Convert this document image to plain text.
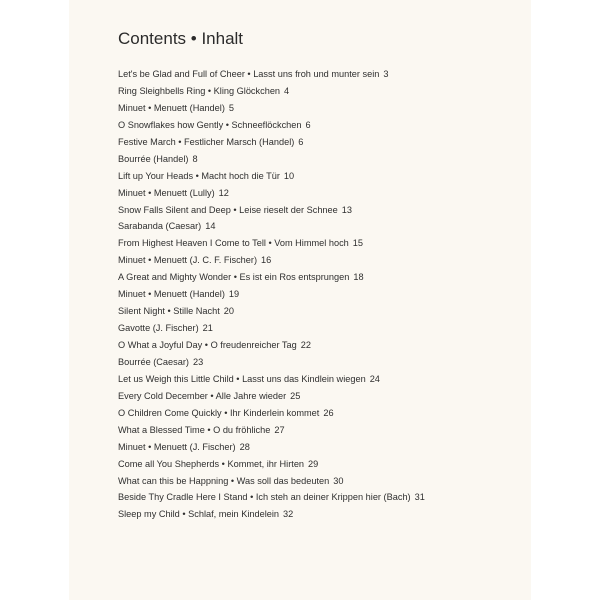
Contents • Inhalt
Let's be Glad and Full of Cheer • Lasst uns froh und munter sein 3
Ring Sleighbells Ring • Kling Glöckchen 4
Minuet • Menuett (Handel) 5
O Snowflakes how Gently • Schneeflöckchen 6
Festive March • Festlicher Marsch (Handel) 6
Bourrée (Handel) 8
Lift up Your Heads • Macht hoch die Tür 10
Minuet • Menuett (Lully) 12
Snow Falls Silent and Deep • Leise rieselt der Schnee 13
Sarabanda (Caesar) 14
From Highest Heaven I Come to Tell • Vom Himmel hoch 15
Minuet • Menuett (J. C. F. Fischer) 16
A Great and Mighty Wonder • Es ist ein Ros entsprungen 18
Minuet • Menuett (Handel) 19
Silent Night • Stille Nacht 20
Gavotte (J. Fischer) 21
O What a Joyful Day • O freudenreicher Tag 22
Bourrée (Caesar) 23
Let us Weigh this Little Child • Lasst uns das Kindlein wiegen 24
Every Cold December • Alle Jahre wieder 25
O Children Come Quickly • Ihr Kinderlein kommet 26
What a Blessed Time • O du fröhliche 27
Minuet • Menuett (J. Fischer) 28
Come all You Shepherds • Kommet, ihr Hirten 29
What can this be Happning • Was soll das bedeuten 30
Beside Thy Cradle Here I Stand • Ich steh an deiner Krippen hier (Bach) 31
Sleep my Child • Schlaf, mein Kindelein 32
